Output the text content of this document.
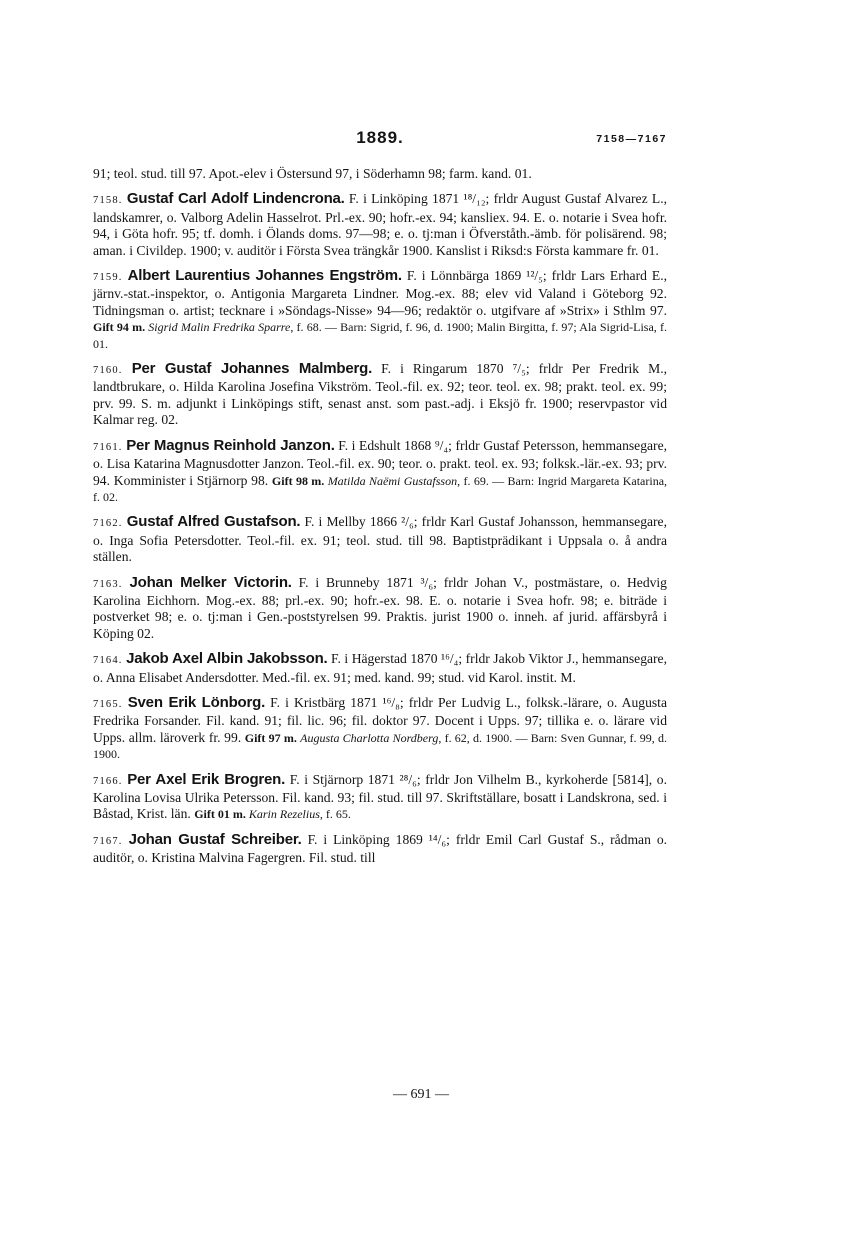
1889.	7158—7167

91; teol. stud. till 97. Apot.-elev i Östersund 97, i Söderhamn 98; farm. kand. 01.

7158. Gustaf Carl Adolf Lindencrona. F. i Linköping 1871 ¹⁸/₁₂; frldr August Gustaf Alvarez L., landskamrer, o. Valborg Adelin Hasselrot. Prl.-ex. 90; hofr.-ex. 94; kansliex. 94. E. o. notarie i Svea hofr. 94, i Göta hofr. 95; tf. domh. i Ölands doms. 97—98; e. o. tj:man i Öfverståth.-ämb. för polisärend. 98; aman. i Civildep. 1900; v. auditör i Första Svea trängkår 1900. Kanslist i Riksd:s Första kammare fr. 01.

7159. Albert Laurentius Johannes Engström. F. i Lönnbärga 1869 ¹²/₅; frldr Lars Erhard E., järnv.-stat.-inspektor, o. Antigonia Margareta Lindner. Mog.-ex. 88; elev vid Valand i Göteborg 92. Tidningsman o. artist; tecknare i »Söndags-Nisse» 94—96; redaktör o. utgifvare af »Strix» i Sthlm 97. Gift 94 m. Sigrid Malin Fredrika Sparre, f. 68. — Barn: Sigrid, f. 96, d. 1900; Malin Birgitta, f. 97; Ala Sigrid-Lisa, f. 01.

7160. Per Gustaf Johannes Malmberg. F. i Ringarum 1870 ⁷/₅; frldr Per Fredrik M., landtbrukare, o. Hilda Karolina Josefina Vikström. Teol.-fil. ex. 92; teor. teol. ex. 98; prakt. teol. ex. 99; prv. 99. S. m. adjunkt i Linköpings stift, senast anst. som past.-adj. i Eksjö fr. 1900; reservpastor vid Kalmar reg. 02.

7161. Per Magnus Reinhold Janzon. F. i Edshult 1868 ⁹/₄; frldr Gustaf Petersson, hemmansegare, o. Lisa Katarina Magnusdotter Janzon. Teol.-fil. ex. 90; teor. o. prakt. teol. ex. 93; folksk.-lär.-ex. 93; prv. 94. Komminister i Stjärnorp 98. Gift 98 m. Matilda Naëmi Gustafsson, f. 69. — Barn: Ingrid Margareta Katarina, f. 02.

7162. Gustaf Alfred Gustafson. F. i Mellby 1866 ²/₆; frldr Karl Gustaf Johansson, hemmansegare, o. Inga Sofia Petersdotter. Teol.-fil. ex. 91; teol. stud. till 98. Baptistprädikant i Uppsala o. å andra ställen.

7163. Johan Melker Victorin. F. i Brunneby 1871 ³/₆; frldr Johan V., postmästare, o. Hedvig Karolina Eichhorn. Mog.-ex. 88; prl.-ex. 90; hofr.-ex. 98. E. o. notarie i Svea hofr. 98; e. biträde i postverket 98; e. o. tj:man i Gen.-poststyrelsen 99. Praktis. jurist 1900 o. inneh. af jurid. affärsbyrå i Köping 02.

7164. Jakob Axel Albin Jakobsson. F. i Hägerstad 1870 ¹⁶/₄; frldr Jakob Viktor J., hemmansegare, o. Anna Elisabet Andersdotter. Med.-fil. ex. 91; med. kand. 99; stud. vid Karol. instit. M.

7165. Sven Erik Lönborg. F. i Kristbärg 1871 ¹⁶/₈; frldr Per Ludvig L., folksk.-lärare, o. Augusta Fredrika Forsander. Fil. kand. 91; fil. lic. 96; fil. doktor 97. Docent i Upps. 97; tillika e. o. lärare vid Upps. allm. läroverk fr. 99. Gift 97 m. Augusta Charlotta Nordberg, f. 62, d. 1900. — Barn: Sven Gunnar, f. 99, d. 1900.

7166. Per Axel Erik Brogren. F. i Stjärnorp 1871 ²⁸/₆; frldr Jon Vilhelm B., kyrkoherde [5814], o. Karolina Lovisa Ulrika Petersson. Fil. kand. 93; fil. stud. till 97. Skriftställare, bosatt i Landskrona, sed. i Båstad, Krist. län. Gift 01 m. Karin Rezelius, f. 65.

7167. Johan Gustaf Schreiber. F. i Linköping 1869 ¹⁴/₆; frldr Emil Carl Gustaf S., rådman o. auditör, o. Kristina Malvina Fagergren. Fil. stud. till

— 691 —
